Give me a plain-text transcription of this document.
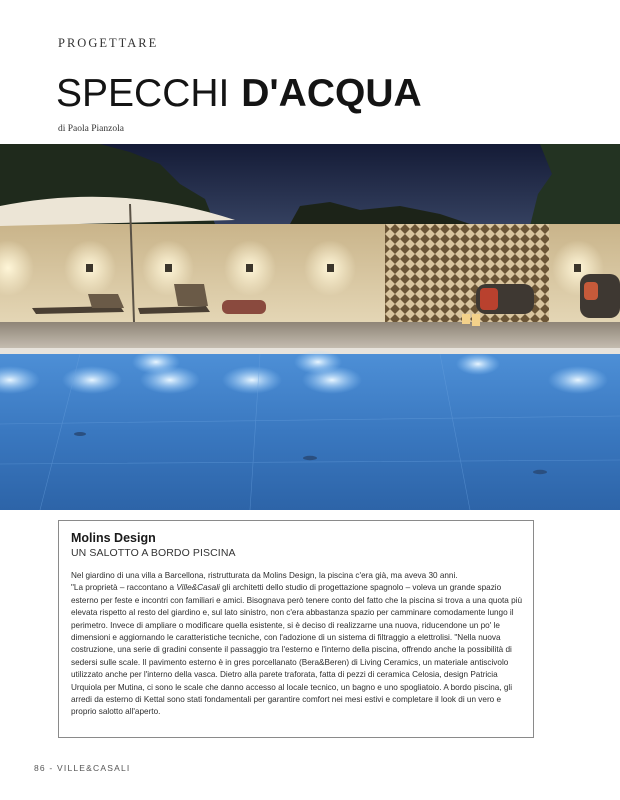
PROGETTARE
SPECCHI D'ACQUA
di Paola Pianzola
Molins Design
UN SALOTTO A BORDO PISCINA

Nel giardino di una villa a Barcellona, ristrutturata da Molins Design, la piscina c'era già, ma aveva 30 anni.

"La proprietà – raccontano a Ville&Casali gli architetti dello studio di progettazione spagnolo – voleva un grande spazio esterno per feste e incontri con familiari e amici. Bisognava però tenere conto del fatto che la piscina si trova a una quota più elevata rispetto al resto del giardino e, sul lato sinistro, non c'era abbastanza spazio per camminare comodamente lungo il perimetro. Invece di ampliare o modificare quella esistente, si è deciso di realizzarne una nuova, riducendone un po' le dimensioni e aggiornando le caratteristiche tecniche, con l'adozione di un sistema di filtraggio a elettrolisi. "Nella nuova costruzione, una serie di gradini consente il passaggio tra l'esterno e l'interno della piscina, offrendo anche la possibilità di sedersi sulle scale. Il pavimento esterno è in gres porcellanato (Bera&Beren) di Living Ceramics, un materiale antiscivolo utilizzato anche per l'interno della vasca. Dietro alla parete traforata, fatta di pezzi di ceramica Celosia, design Patricia Urquiola per Mutina, ci sono le scale che danno accesso al locale tecnico, un bagno e uno spogliatoio. A bordo piscina, gli arredi da esterno di Kettal sono stati fondamentali per garantire comfort nei mesi estivi e completare il look di un vero e proprio salotto all'aperto.

86 - VILLE&CASALI
